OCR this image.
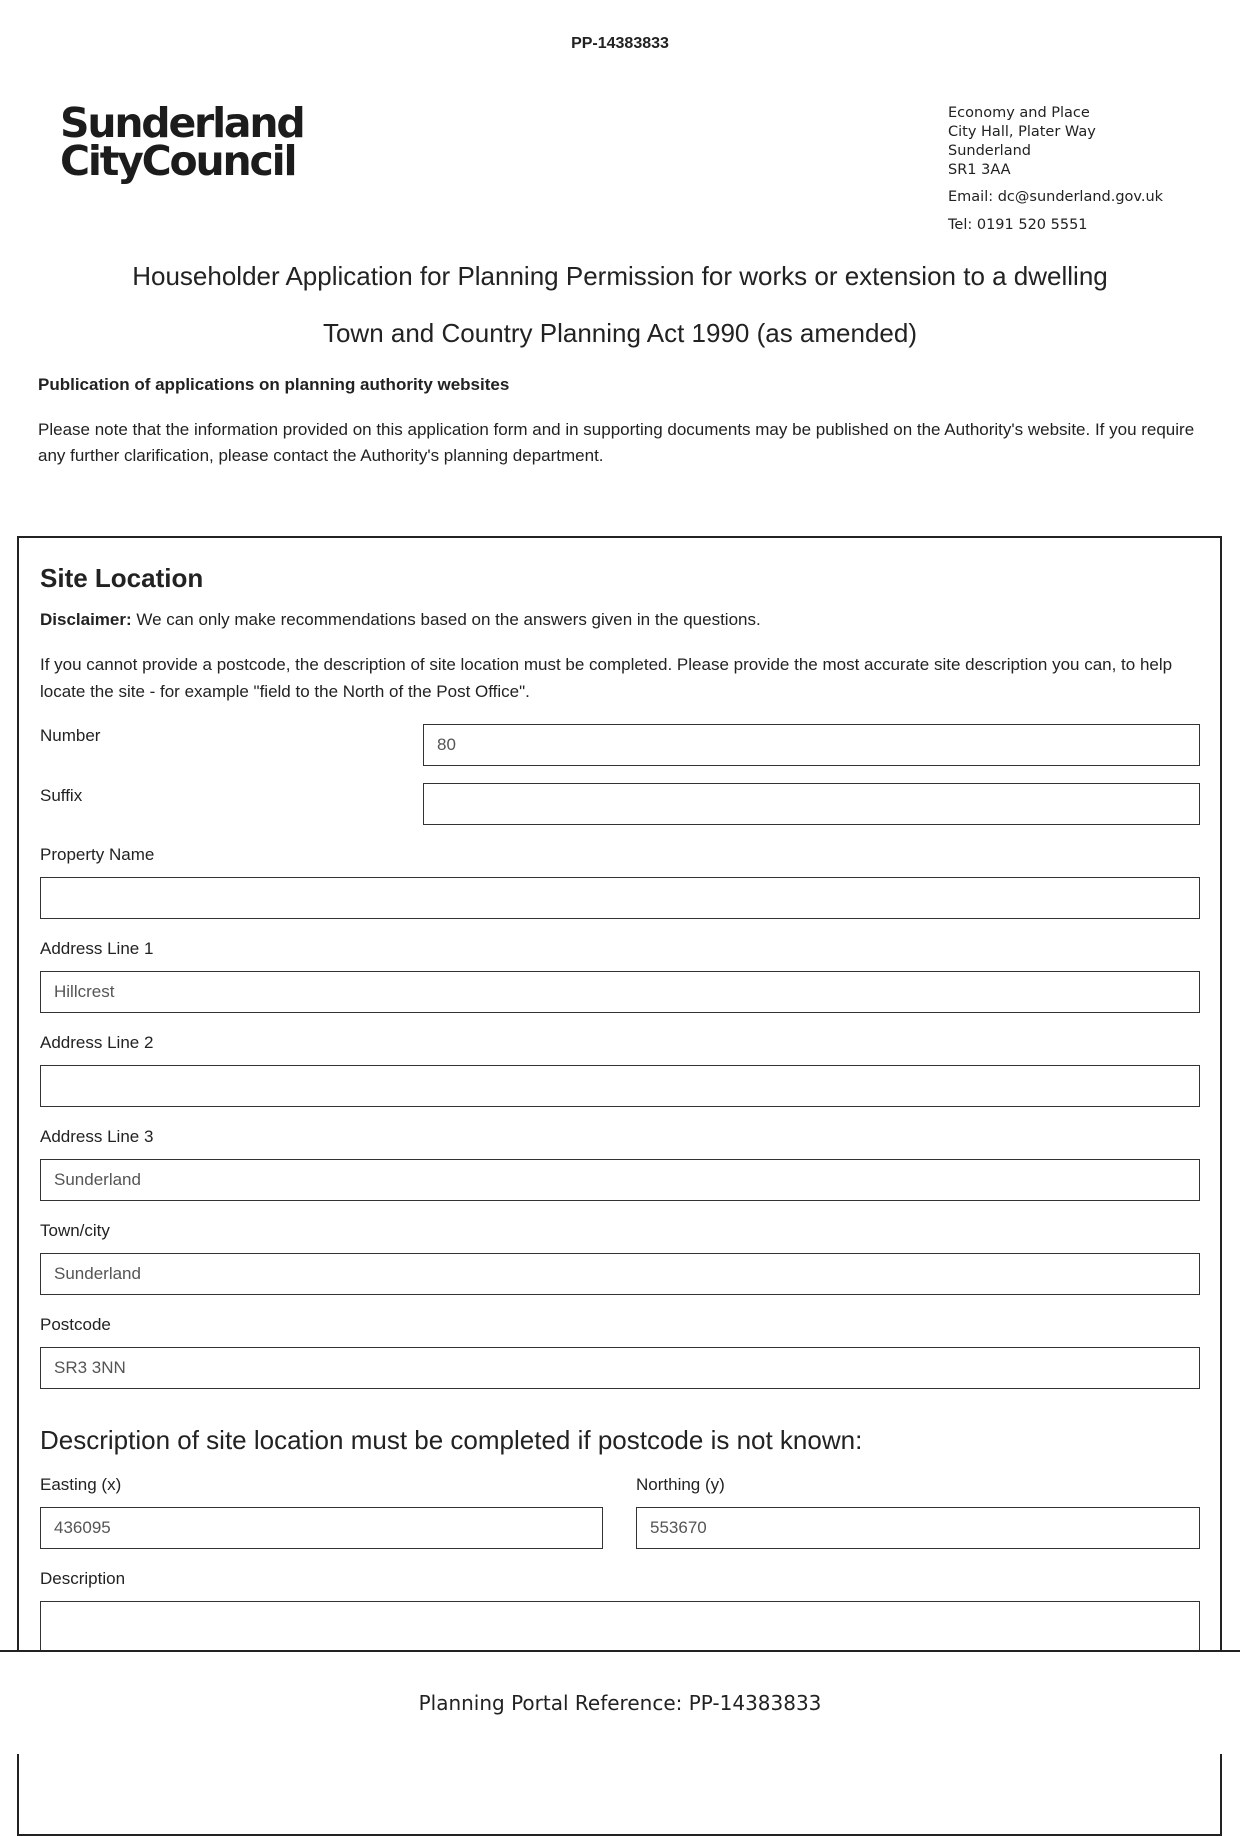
PP-14383833
Sunderland
CityCouncil
Economy and Place
City Hall, Plater Way
Sunderland
SR1 3AA
Email: dc@sunderland.gov.uk
Tel: 0191 520 5551
Householder Application for Planning Permission for works or extension to a dwelling
Town and Country Planning Act 1990 (as amended)
Publication of applications on planning authority websites
Please note that the information provided on this application form and in supporting documents may be published on the Authority's website. If you require any further clarification, please contact the Authority's planning department.
Site Location
Disclaimer: We can only make recommendations based on the answers given in the questions.
If you cannot provide a postcode, the description of site location must be completed. Please provide the most accurate site description you can, to help locate the site - for example "field to the North of the Post Office".
Number	80
Suffix
Property Name
Address Line 1
Hillcrest
Address Line 2
Address Line 3
Sunderland
Town/city
Sunderland
Postcode
SR3 3NN
Description of site location must be completed if postcode is not known:
Easting (x)
436095
Northing (y)
553670
Description
Planning Portal Reference: PP-14383833
